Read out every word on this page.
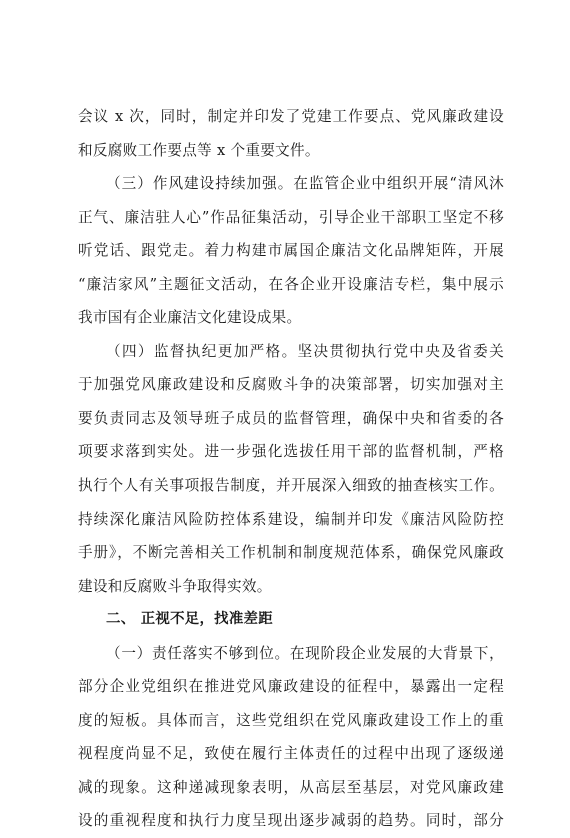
会议 x 次，同时，制定并印发了党建工作要点、党风廉政建设
和反腐败工作要点等 x 个重要文件。
（三）作风建设持续加强。在监管企业中组织开展“清风沐
正气、廉洁驻人心”作品征集活动，引导企业干部职工坚定不移
听党话、跟党走。着力构建市属国企廉洁文化品牌矩阵，开展
“廉洁家风”主题征文活动，在各企业开设廉洁专栏，集中展示
我市国有企业廉洁文化建设成果。
（四）监督执纪更加严格。坚决贯彻执行党中央及省委关
于加强党风廉政建设和反腐败斗争的决策部署，切实加强对主
要负责同志及领导班子成员的监督管理，确保中央和省委的各
项要求落到实处。进一步强化选拔任用干部的监督机制，严格
执行个人有关事项报告制度，并开展深入细致的抽查核实工作。
持续深化廉洁风险防控体系建设，编制并印发《廉洁风险防控
手册》，不断完善相关工作机制和制度规范体系，确保党风廉政
建设和反腐败斗争取得实效。
二、 正视不足，找准差距
（一）责任落实不够到位。在现阶段企业发展的大背景下，
部分企业党组织在推进党风廉政建设的征程中，暴露出一定程
度的短板。具体而言，这些党组织在党风廉政建设工作上的重
视程度尚显不足，致使在履行主体责任的过程中出现了逐级递
减的现象。这种递减现象表明，从高层至基层，对党风廉政建
设的重视程度和执行力度呈现出逐步减弱的趋势。同时，部分
